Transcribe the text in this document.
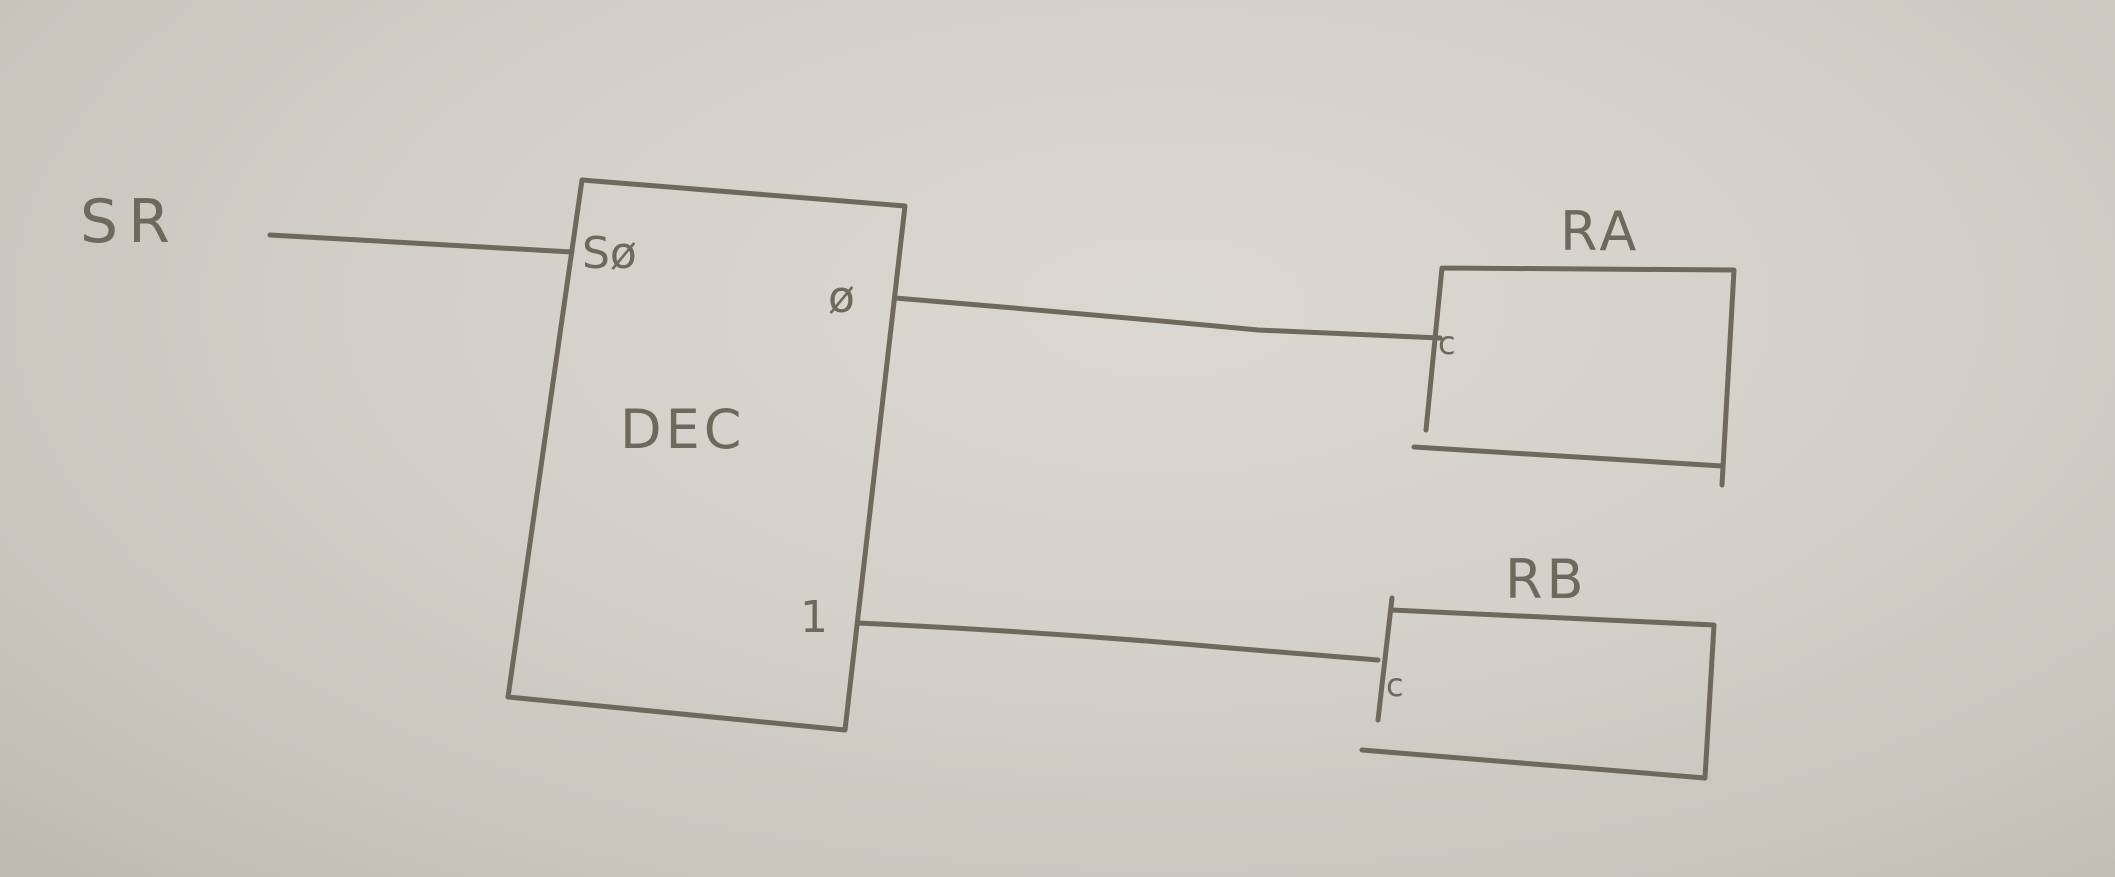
SR
DEC
Sø
ø
1
RA
c
RB
c
